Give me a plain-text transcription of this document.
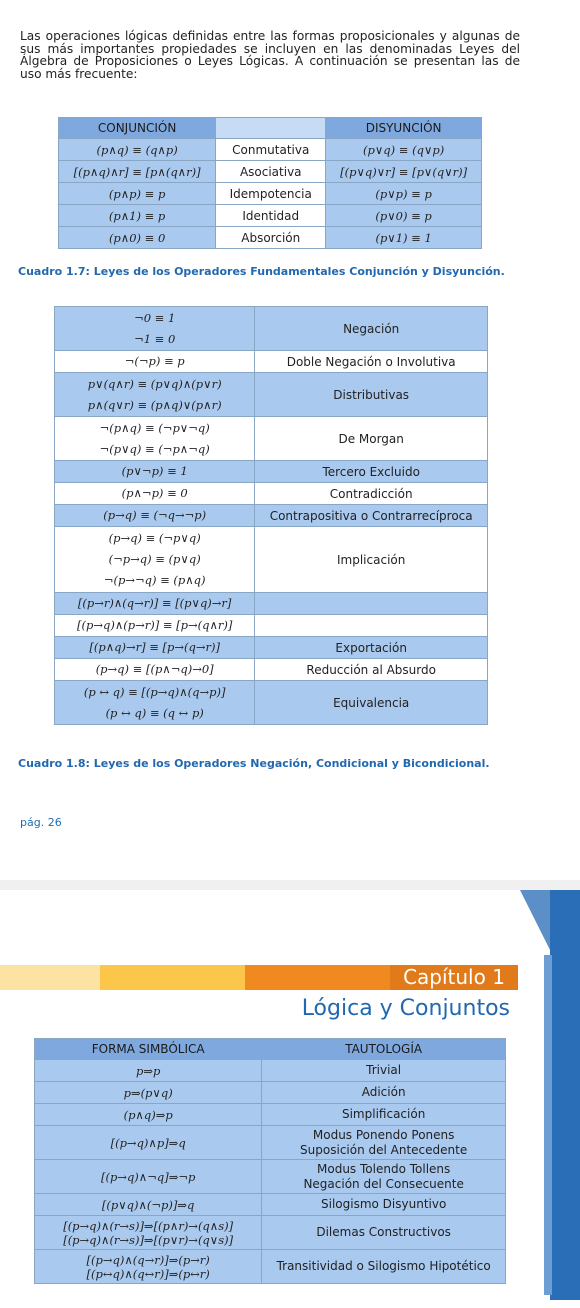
Las operaciones lógicas definidas entre las formas proposicionales y algunas de sus más importantes propiedades se incluyen en las denominadas Leyes del Álgebra de Proposiciones o Leyes Lógicas. A continuación se presentan las de uso más frecuente:
CONJUNCIÓN		DISYUNCIÓN
(p∧q) ≡ (q∧p)	Conmutativa	(p∨q) ≡ (q∨p)
[(p∧q)∧r] ≡ [p∧(q∧r)]	Asociativa	[(p∨q)∨r] ≡ [p∨(q∨r)]
(p∧p) ≡ p	Idempotencia	(p∨p) ≡ p
(p∧1) ≡ p	Identidad	(p∨0) ≡ p
(p∧0) ≡ 0	Absorción	(p∨1) ≡ 1
Cuadro 1.7: Leyes de los Operadores Fundamentales Conjunción y Disyunción.
¬0 ≡ 1
¬1 ≡ 0	Negación

¬(¬p) ≡ p	Doble Negación o Involutiva

p∨(q∧r) ≡ (p∨q)∧(p∨r)
p∧(q∨r) ≡ (p∧q)∨(p∧r)	Distributivas

¬(p∧q) ≡ (¬p∨¬q)
¬(p∨q) ≡ (¬p∧¬q)	De Morgan

(p∨¬p) ≡ 1	Tercero Excluido

(p∧¬p) ≡ 0	Contradicción

(p→q) ≡ (¬q→¬p)	Contrapositiva o Contrarrecíproca

(p→q) ≡ (¬p∨q)
(¬p→q) ≡ (p∨q)
¬(p→¬q) ≡ (p∧q)	Implicación

[(p→r)∧(q→r)] ≡ [(p∨q)→r]	

[(p→q)∧(p→r)] ≡ [p→(q∧r)]	

[(p∧q)→r] ≡ [p→(q→r)]	Exportación

(p→q) ≡ [(p∧¬q)→0]	Reducción al Absurdo

(p ↔ q) ≡ [(p→q)∧(q→p)]
(p ↔ q) ≡ (q ↔ p)	Equivalencia
Cuadro 1.8: Leyes de los Operadores Negación, Condicional y Bicondicional.
pág. 26
Capítulo 1
Lógica y Conjuntos
FORMA SIMBÓLICA	TAUTOLOGÍA

p⇒p	Trivial

p⇒(p∨q)	Adición

(p∧q)⇒p	Simplificación

[(p→q)∧p]⇒q	Modus Ponendo Ponens
Suposición del Antecedente

[(p→q)∧¬q]⇒¬p	Modus Tolendo Tollens
Negación del Consecuente

[(p∨q)∧(¬p)]⇒q	Silogismo Disyuntivo

[(p→q)∧(r→s)]⇒[(p∧r)→(q∧s)]
[(p→q)∧(r→s)]⇒[(p∨r)→(q∨s)]	Dilemas Constructivos

[(p→q)∧(q→r)]⇒(p→r)
[(p↔q)∧(q↔r)]⇒(p↔r)	Transitividad o Silogismo Hipotético
